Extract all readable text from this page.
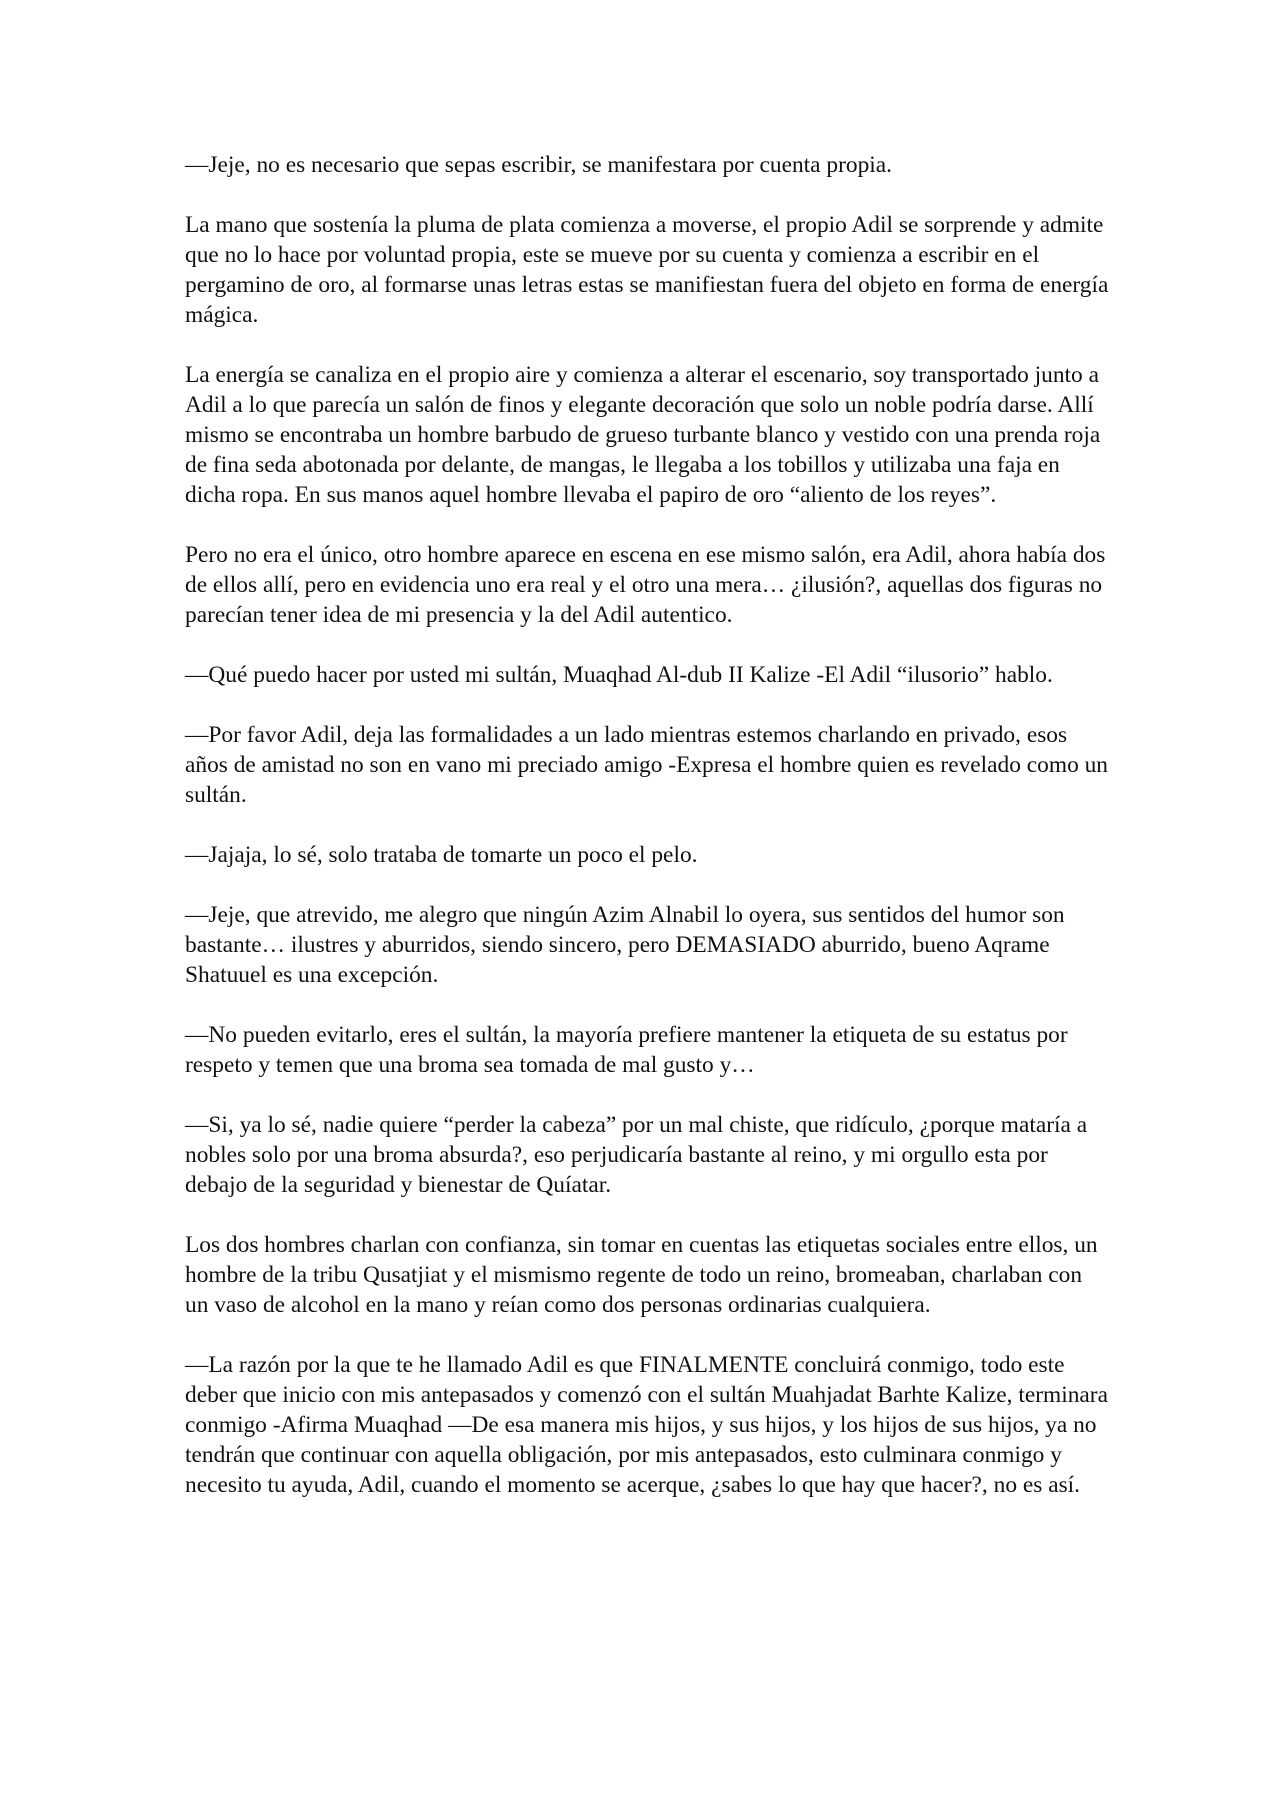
—Jeje, no es necesario que sepas escribir, se manifestara por cuenta propia.

La mano que sostenía la pluma de plata comienza a moverse, el propio Adil se sorprende y admite que no lo hace por voluntad propia, este se mueve por su cuenta y comienza a escribir en el pergamino de oro, al formarse unas letras estas se manifiestan fuera del objeto en forma de energía mágica.

La energía se canaliza en el propio aire y comienza a alterar el escenario, soy transportado junto a Adil a lo que parecía un salón de finos y elegante decoración que solo un noble podría darse. Allí mismo se encontraba un hombre barbudo de grueso turbante blanco y vestido con una prenda roja de fina seda abotonada por delante, de mangas, le llegaba a los tobillos y utilizaba una faja en dicha ropa. En sus manos aquel hombre llevaba el papiro de oro “aliento de los reyes”.

Pero no era el único, otro hombre aparece en escena en ese mismo salón, era Adil, ahora había dos de ellos allí, pero en evidencia uno era real y el otro una mera… ¿ilusión?, aquellas dos figuras no parecían tener idea de mi presencia y la del Adil autentico.

—Qué puedo hacer por usted mi sultán, Muaqhad Al-dub II Kalize -El Adil “ilusorio” hablo.

—Por favor Adil, deja las formalidades a un lado mientras estemos charlando en privado, esos años de amistad no son en vano mi preciado amigo -Expresa el hombre quien es revelado como un sultán.

—Jajaja, lo sé, solo trataba de tomarte un poco el pelo.

—Jeje, que atrevido, me alegro que ningún Azim Alnabil lo oyera, sus sentidos del humor son bastante… ilustres y aburridos, siendo sincero, pero DEMASIADO aburrido, bueno Aqrame Shatuuel es una excepción.

—No pueden evitarlo, eres el sultán, la mayoría prefiere mantener la etiqueta de su estatus por respeto y temen que una broma sea tomada de mal gusto y…

—Si, ya lo sé, nadie quiere “perder la cabeza” por un mal chiste, que ridículo, ¿porque mataría a nobles solo por una broma absurda?, eso perjudicaría bastante al reino, y mi orgullo esta por debajo de la seguridad y bienestar de Quíatar.

Los dos hombres charlan con confianza, sin tomar en cuentas las etiquetas sociales entre ellos, un hombre de la tribu Qusatjiat y el mismismo regente de todo un reino, bromeaban, charlaban con un vaso de alcohol en la mano y reían como dos personas ordinarias cualquiera.

—La razón por la que te he llamado Adil es que FINALMENTE concluirá conmigo, todo este deber que inicio con mis antepasados y comenzó con el sultán Muahjadat Barhte Kalize, terminara conmigo -Afirma Muaqhad —De esa manera mis hijos, y sus hijos, y los hijos de sus hijos, ya no tendrán que continuar con aquella obligación, por mis antepasados, esto culminara conmigo y necesito tu ayuda, Adil, cuando el momento se acerque, ¿sabes lo que hay que hacer?, no es así.
